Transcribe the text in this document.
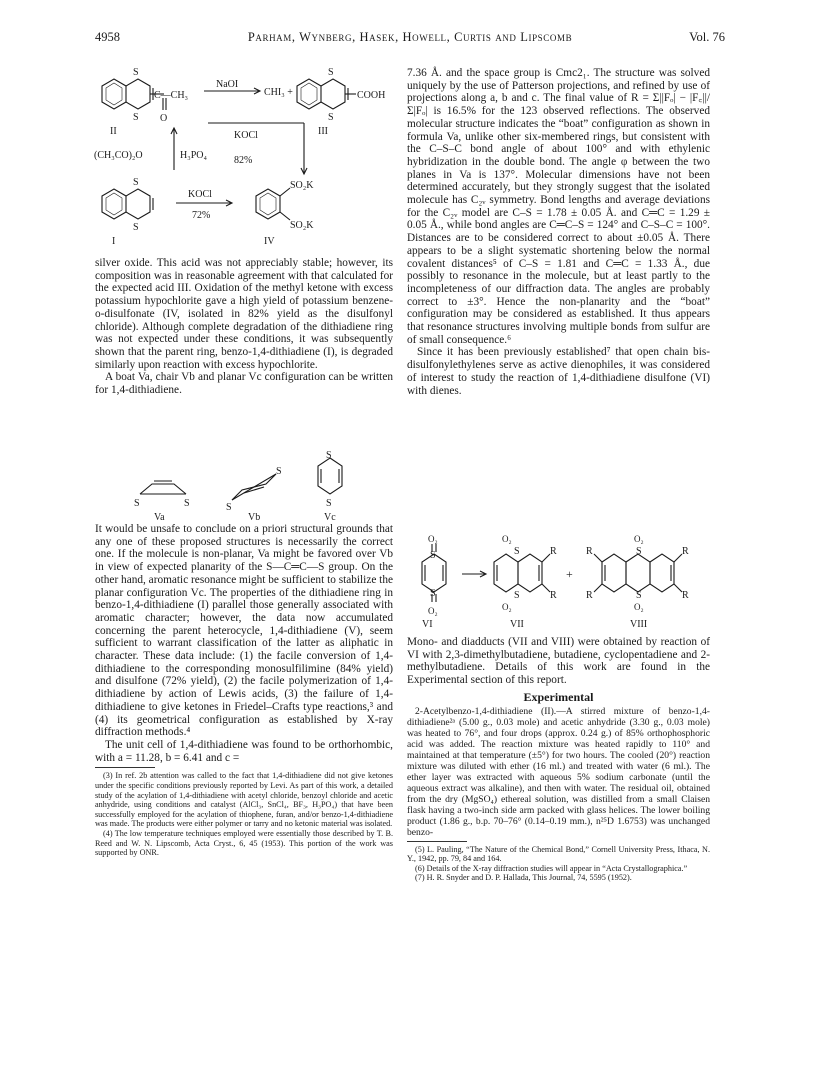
4958	Parham, Wynberg, Hasek, Howell, Curtis and Lipscomb	Vol. 76
S
S
C—CH₃
O
NaOI
CHI₃ +
S
S
COOH
II	III
KOCl
82%
(CH₃CO)₂O	H₃PO₄
S
S
KOCl
72%
SO₂K
SO₂K
I	IV

silver oxide. This acid was not appreciably stable; however, its composition was in reasonable agreement with that calculated for the expected acid III. Oxidation of the methyl ketone with excess potassium hypochlorite gave a high yield of potassium benzene-o-disulfonate (IV, isolated in 82% yield as the disulfonyl chloride). Although complete degradation of the dithiadiene ring was not expected under these conditions, it was subsequently shown that the parent ring, benzo-1,4-dithiadiene (I), is degraded similarly upon reaction with excess hypochlorite.

A boat Va, chair Vb and planar Vc configuration can be written for 1,4-dithiadiene.

S	S	S
S
S
S
Va	Vb	Vc

It would be unsafe to conclude on a priori structural grounds that any one of these proposed structures is necessarily the correct one. If the molecule is non-planar, Va might be favored over Vb in view of expected planarity of the S—C═C—S group. On the other hand, aromatic resonance might be sufficient to stabilize the planar configuration Vc. The properties of the dithiadiene ring in benzo-1,4-dithiadiene (I) parallel those generally associated with aromatic character; however, the data now accumulated concerning the parent heterocycle, 1,4-dithiadiene (V), seem sufficient to warrant classification of the latter as aliphatic in character. These data include: (1) the facile conversion of 1,4-dithiadiene to the corresponding monosulfilimine (84% yield) and disulfone (72% yield), (2) the facile polymerization of 1,4-dithiadiene by action of Lewis acids, (3) the failure of 1,4-dithiadiene to give ketones in Friedel–Crafts type reactions,³ and (4) its geometrical configuration as established by X-ray diffraction methods.⁴

The unit cell of 1,4-dithiadiene was found to be orthorhombic, with a = 11.28, b = 6.41 and c =

(3) In ref. 2b attention was called to the fact that 1,4-dithiadiene did not give ketones under the specific conditions previously reported by Levi. As part of this work, a detailed study of the acylation of 1,4-dithiadiene with acetyl chloride, benzoyl chloride and acetic anhydride, using conditions and catalyst (AlCl₃, SnCl₄, BF₃, H₃PO₄) that have been successfully employed for the acylation of thiophene, furan, and/or benzo-1,4-dithiadiene was made. The products were either polymer or tarry and no ketonic material was isolated.

(4) The low temperature techniques employed were essentially those described by T. B. Reed and W. N. Lipscomb, Acta Cryst., 6, 45 (1953). This portion of the work was supported by ONR.

7.36 Å. and the space group is Cmc2₁. The structure was solved uniquely by the use of Patterson projections, and refined by use of projections along a, b and c. The final value of R = Σ||Fₒ| − |F꜀||/Σ|Fₒ| is 16.5% for the 123 observed reflections. The observed molecular structure indicates the “boat” configuration as shown in formula Va, unlike other six-membered rings, but consistent with the C–S–C bond angle of about 100° and with ethylenic hybridization in the double bond. The angle φ between the two planes in Va is 137°. Molecular dimensions have not been determined accurately, but they strongly suggest that the isolated molecule has C₂ᵥ symmetry. Bond lengths and average deviations for the C₂ᵥ model are C–S = 1.78 ± 0.05 Å. and C═C = 1.29 ± 0.05 Å., while bond angles are C═C–S = 124° and C–S–C = 100°. Distances are to be considered correct to about ±0.05 Å. There appears to be a slight systematic shortening below the normal covalent distances⁵ of C–S = 1.81 and C═C = 1.33 Å., due possibly to resonance in the molecule, but at least partly to the incompleteness of our diffraction data. The angles are probably correct to ±3°. Hence the non-planarity and the “boat” configuration may be considered as established. It thus appears that resonance structures involving multiple bonds from sulfur are of small consequence.⁶

Since it has been previously established⁷ that open chain bis-disulfonylethylenes serve as active dienophiles, it was considered of interest to study the reaction of 1,4-dithiadiene disulfone (VI) with dienes.

O₂
O₂
S
S
O₂
O₂
S
S
R
R
+
R
R
O₂
O₂
S
S
R
R
VI	VII	VIII

Mono- and diadducts (VII and VIII) were obtained by reaction of VI with 2,3-dimethylbutadiene, butadiene, cyclopentadiene and 2-methylbutadiene. Details of this work are found in the Experimental section of this report.

Experimental

2-Acetylbenzo-1,4-dithiadiene (II).—A stirred mixture of benzo-1,4-dithiadiene²ᵃ (5.00 g., 0.03 mole) and acetic anhydride (3.30 g., 0.03 mole) was heated to 76°, and four drops (approx. 0.24 g.) of 85% orthophosphoric acid was added. The reaction mixture was heated rapidly to 110° and maintained at that temperature (±5°) for two hours. The cooled (20°) reaction mixture was diluted with ether (16 ml.) and treated with water (6 ml.). The ether layer was extracted with aqueous 5% sodium carbonate (until the aqueous extract was alkaline), and then with water. The residual oil, obtained from the dry (MgSO₄) ethereal solution, was distilled from a small Claisen flask having a two-inch side arm packed with glass helices. The lower boiling product (1.86 g., b.p. 70–76° (0.14–0.19 mm.), n²⁵D 1.6753) was unchanged benzo-

(5) L. Pauling, “The Nature of the Chemical Bond,” Cornell University Press, Ithaca, N. Y., 1942, pp. 79, 84 and 164.

(6) Details of the X-ray diffraction studies will appear in “Acta Crystallographica.”

(7) H. R. Snyder and D. P. Hallada, This Journal, 74, 5595 (1952).
